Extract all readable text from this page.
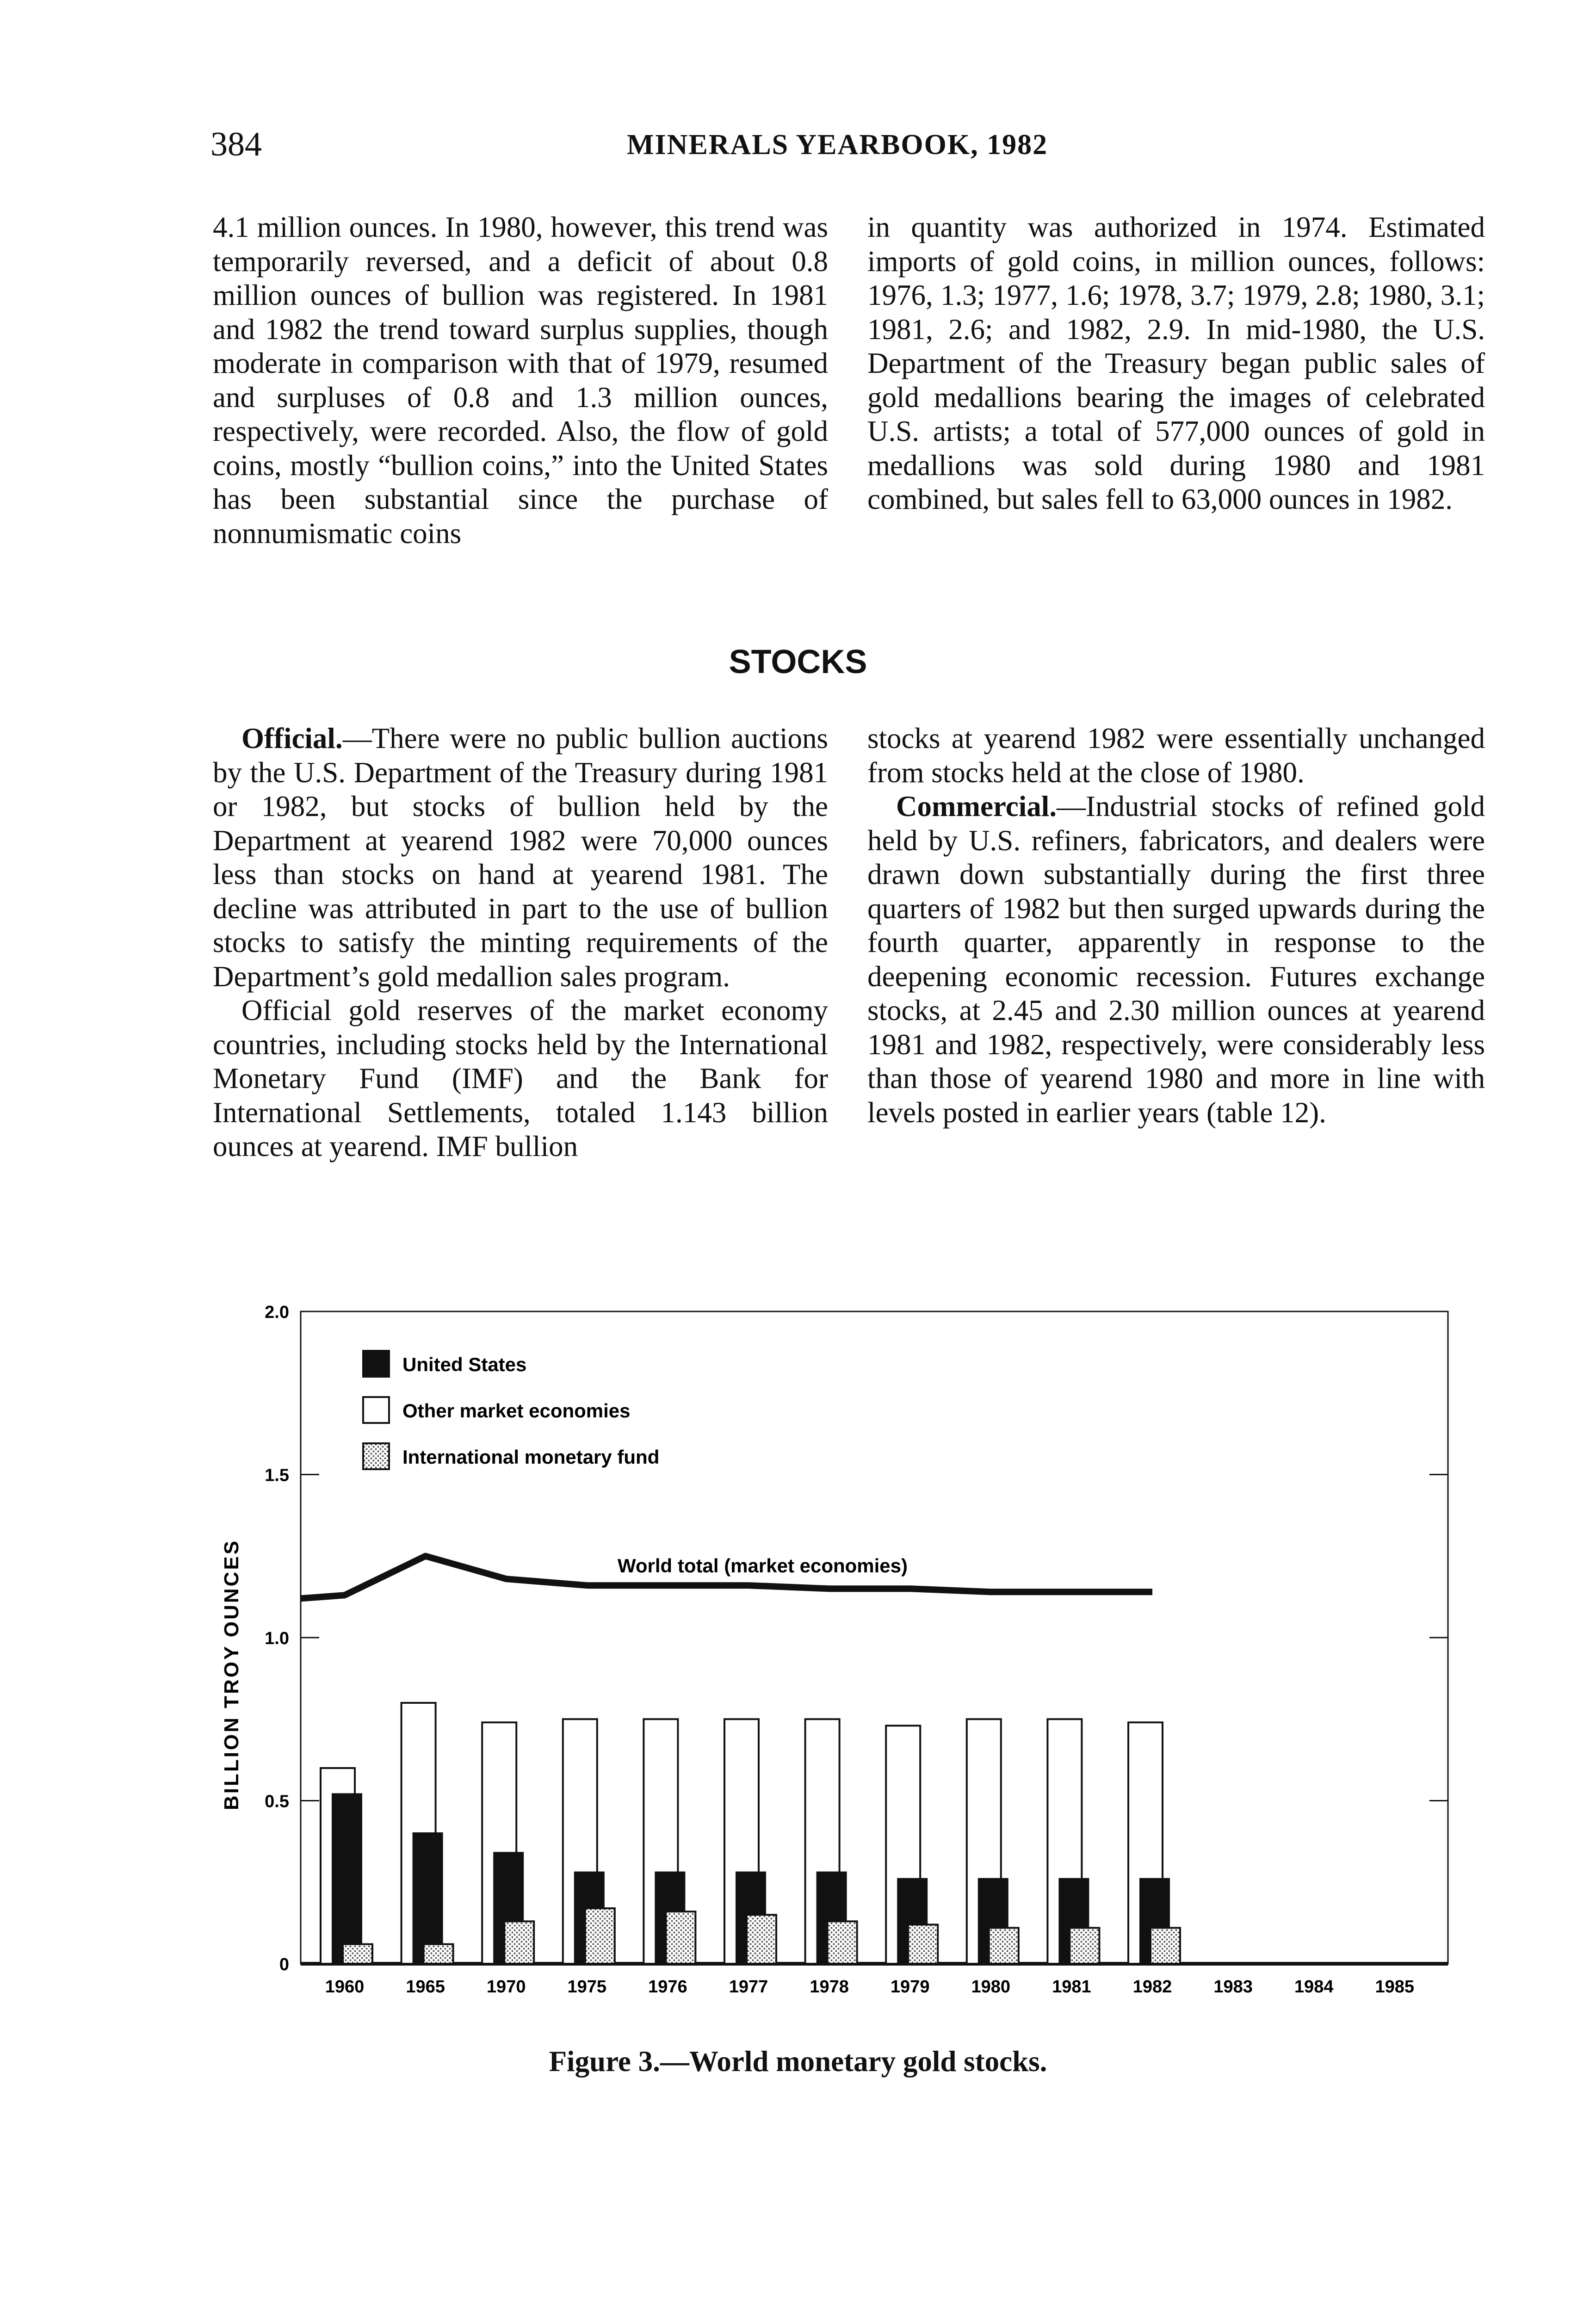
384	MINERALS YEARBOOK, 1982

4.1 million ounces. In 1980, however, this trend was temporarily reversed, and a deficit of about 0.8 million ounces of bullion was registered. In 1981 and 1982 the trend toward surplus supplies, though moderate in comparison with that of 1979, resumed and surpluses of 0.8 and 1.3 million ounces, respectively, were recorded. Also, the flow of gold coins, mostly “bullion coins,” into the United States has been substantial since the purchase of nonnumismatic coins

in quantity was authorized in 1974. Estimated imports of gold coins, in million ounces, follows: 1976, 1.3; 1977, 1.6; 1978, 3.7; 1979, 2.8; 1980, 3.1; 1981, 2.6; and 1982, 2.9. In mid-1980, the U.S. Department of the Treasury began public sales of gold medallions bearing the images of celebrated U.S. artists; a total of 577,000 ounces of gold in medallions was sold during 1980 and 1981 combined, but sales fell to 63,000 ounces in 1982.

STOCKS

Official.—There were no public bullion auctions by the U.S. Department of the Treasury during 1981 or 1982, but stocks of bullion held by the Department at yearend 1982 were 70,000 ounces less than stocks on hand at yearend 1981. The decline was attributed in part to the use of bullion stocks to satisfy the minting requirements of the Department’s gold medallion sales program.

Official gold reserves of the market economy countries, including stocks held by the International Monetary Fund (IMF) and the Bank for International Settlements, totaled 1.143 billion ounces at yearend. IMF bullion

stocks at yearend 1982 were essentially unchanged from stocks held at the close of 1980.

Commercial.—Industrial stocks of refined gold held by U.S. refiners, fabricators, and dealers were drawn down substantially during the first three quarters of 1982 but then surged upwards during the fourth quarter, apparently in response to the deepening economic recession. Futures exchange stocks, at 2.45 and 2.30 million ounces at yearend 1981 and 1982, respectively, were considerably less than those of yearend 1980 and more in line with levels posted in earlier years (table 12).

0
0.5
1.0
1.5
2.0
BILLION TROY OUNCES
1960 1965 1970 1975 1976 1977 1978 1979 1980 1981 1982 1983 1984 1985
World total (market economies)
United States
Other market economies
International monetary fund
Figure 3.—World monetary gold stocks.
